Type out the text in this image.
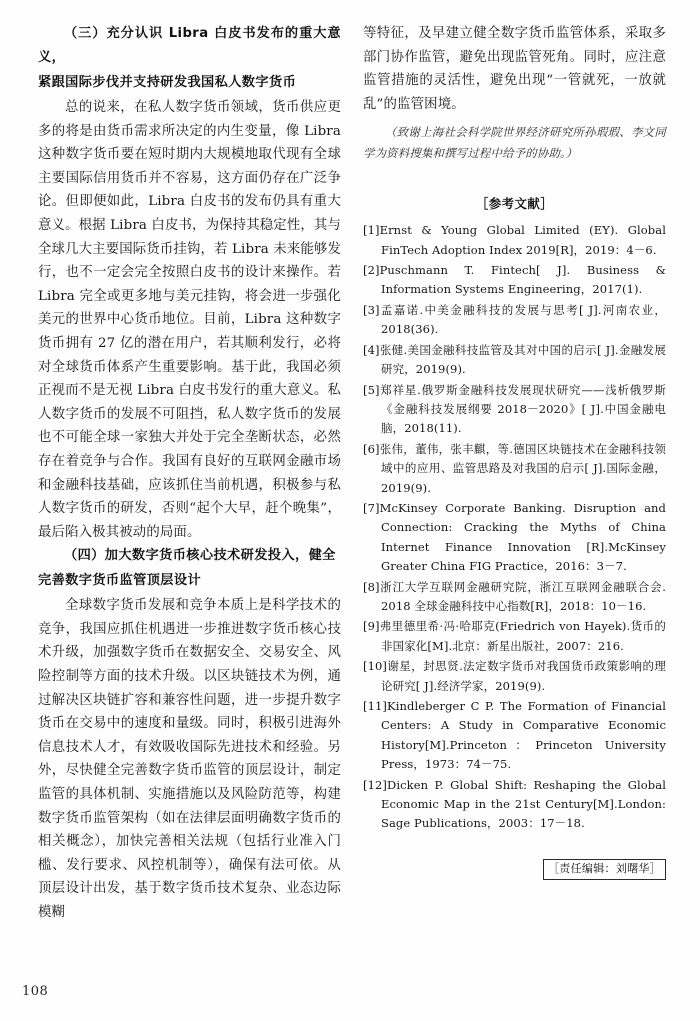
（三）充分认识 Libra 白皮书发布的重大意义，
紧跟国际步伐并支持研发我国私人数字货币

总的说来，在私人数字货币领域，货币供应更多的将是由货币需求所决定的内生变量，像 Libra 这种数字货币要在短时期内大规模地取代现有全球主要国际信用货币并不容易，这方面仍存在广泛争论。但即便如此，Libra 白皮书的发布仍具有重大意义。根据 Libra 白皮书，为保持其稳定性，其与全球几大主要国际货币挂钩，若 Libra 未来能够发行，也不一定会完全按照白皮书的设计来操作。若 Libra 完全或更多地与美元挂钩，将会进一步强化美元的世界中心货币地位。目前，Libra 这种数字货币拥有 27 亿的潜在用户，若其顺利发行，必将对全球货币体系产生重要影响。基于此，我国必须正视而不是无视 Libra 白皮书发行的重大意义。私人数字货币的发展不可阻挡，私人数字货币的发展也不可能全球一家独大并处于完全垄断状态，必然存在着竞争与合作。我国有良好的互联网金融市场和金融科技基础，应该抓住当前机遇，积极参与私人数字货币的研发，否则“起个大早，赶个晚集”，最后陷入极其被动的局面。

（四）加大数字货币核心技术研发投入，健全
完善数字货币监管顶层设计

全球数字货币发展和竞争本质上是科学技术的竞争，我国应抓住机遇进一步推进数字货币核心技术升级，加强数字货币在数据安全、交易安全、风险控制等方面的技术升级。以区块链技术为例，通过解决区块链扩容和兼容性问题，进一步提升数字货币在交易中的速度和量级。同时，积极引进海外信息技术人才，有效吸收国际先进技术和经验。另外，尽快健全完善数字货币监管的顶层设计，制定监管的具体机制、实施措施以及风险防范等，构建数字货币监管架构（如在法律层面明确数字货币的相关概念），加快完善相关法规（包括行业准入门槛、发行要求、风控机制等），确保有法可依。从顶层设计出发，基于数字货币技术复杂、业态边际模糊

等特征，及早建立健全数字货币监管体系，采取多部门协作监管，避免出现监管死角。同时，应注意监管措施的灵活性，避免出现“一管就死，一放就乱”的监管困境。

（致谢上海社会科学院世界经济研究所孙瑕瑕、李文同学为资料搜集和撰写过程中给予的协助。）

［参考文献］
[1]Ernst & Young Global Limited (EY). Global FinTech Adoption Index 2019[R]，2019：4－6.
[2]Puschmann T. Fintech[ J]. Business & Information Systems Engineering，2017(1).
[3]孟嘉诺.中美金融科技的发展与思考[ J].河南农业，2018(36).
[4]张健.美国金融科技监管及其对中国的启示[ J].金融发展研究，2019(9).
[5]郑祥星.俄罗斯金融科技发展现状研究——浅析俄罗斯《金融科技发展纲要 2018－2020》[ J].中国金融电脑，2018(11).
[6]张伟，董伟，张丰麒，等.德国区块链技术在金融科技领域中的应用、监管思路及对我国的启示[ J].国际金融，2019(9).
[7]McKinsey Corporate Banking. Disruption and Connection: Cracking the Myths of China Internet Finance Innovation [R].McKinsey Greater China FIG Practice，2016：3－7.
[8]浙江大学互联网金融研究院，浙江互联网金融联合会. 2018 全球金融科技中心指数[R]，2018：10－16.
[9]弗里德里希·冯·哈耶克(Friedrich von Hayek).货币的非国家化[M].北京：新星出版社，2007：216.
[10]谢星，封思贤.法定数字货币对我国货币政策影响的理论研究[ J].经济学家，2019(9).
[11]Kindleberger C P. The Formation of Financial Centers: A Study in Comparative Economic History[M].Princeton：Princeton University Press，1973：74－75.
[12]Dicken P. Global Shift: Reshaping the Global Economic Map in the 21st Century[M].London: Sage Publications，2003：17－18.
［责任编辑：刘曙华］
108
